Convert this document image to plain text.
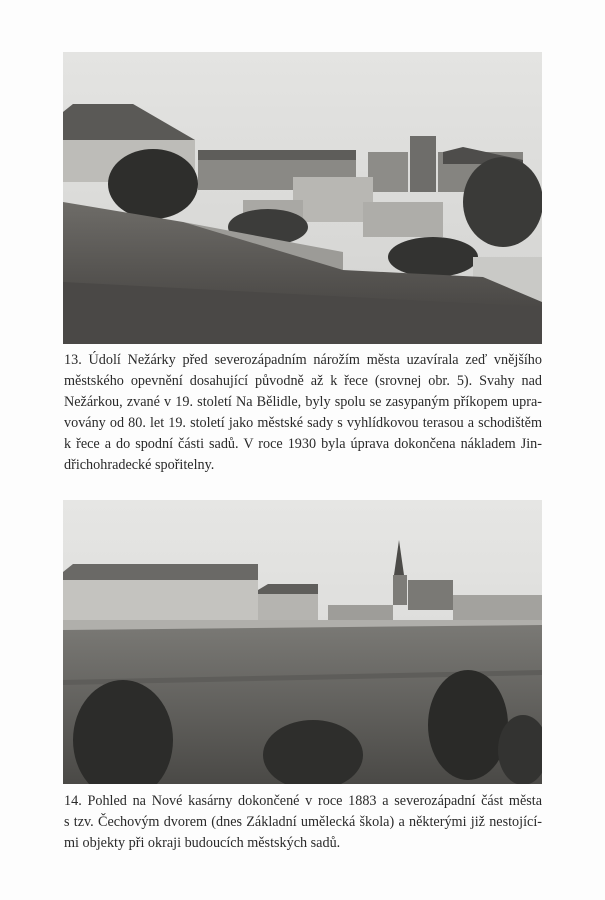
13. Údolí Nežárky před severozápadním nárožím města uzavírala zeď vnějšího
městského opevnění dosahující původně až k řece (srovnej obr. 5). Svahy nad
Nežárkou, zvané v 19. století Na Bělidle, byly spolu se zasypaným příkopem upra-
vovány od 80. let 19. století jako městské sady s vyhlídkovou terasou a schodištěm
k řece a do spodní části sadů. V roce 1930 byla úprava dokončena nákladem Jin-
dřichohradecké spořitelny.
14. Pohled na Nové kasárny dokončené v roce 1883 a severozápadní část města
s tzv. Čechovým dvorem (dnes Základní umělecká škola) a některými již nestojící-
mi objekty při okraji budoucích městských sadů.
